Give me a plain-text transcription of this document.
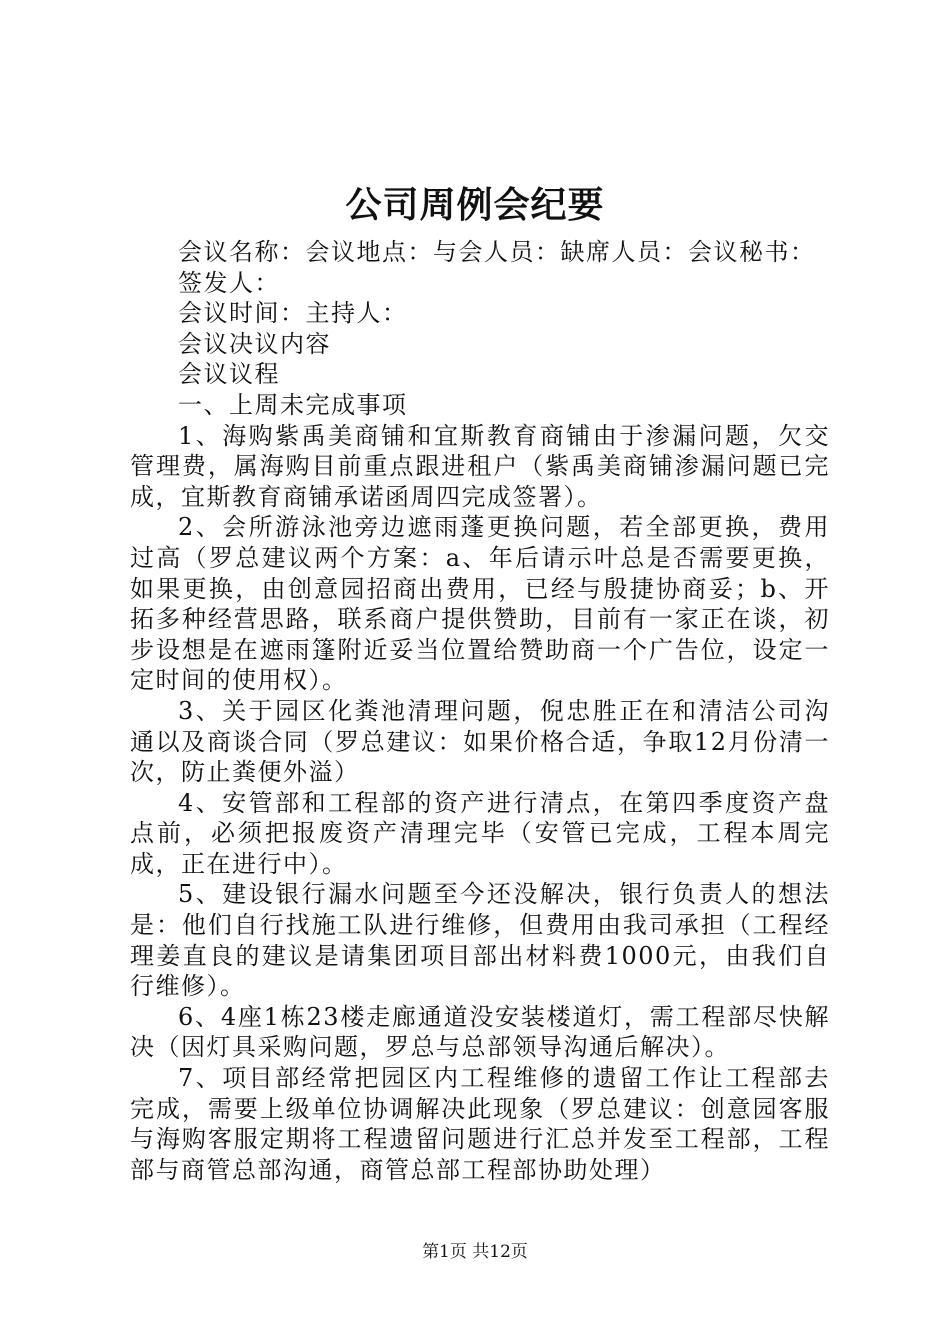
公司周例会纪要

会议名称：会议地点：与会人员：缺席人员：会议秘书：

签发人：

会议时间：主持人：

会议决议内容

会议议程

一、上周未完成事项

1、海购紫禹美商铺和宜斯教育商铺由于渗漏问题，欠交管理费，属海购目前重点跟进租户（紫禹美商铺渗漏问题已完成，宜斯教育商铺承诺函周四完成签署）。

2、会所游泳池旁边遮雨蓬更换问题，若全部更换，费用过高（罗总建议两个方案：a、年后请示叶总是否需要更换，如果更换，由创意园招商出费用，已经与殷捷协商妥；b、开拓多种经营思路，联系商户提供赞助，目前有一家正在谈，初步设想是在遮雨篷附近妥当位置给赞助商一个广告位，设定一定时间的使用权）。

3、关于园区化粪池清理问题，倪忠胜正在和清洁公司沟通以及商谈合同（罗总建议：如果价格合适，争取12月份清一次，防止粪便外溢）

4、安管部和工程部的资产进行清点，在第四季度资产盘点前，必须把报废资产清理完毕（安管已完成，工程本周完成，正在进行中）。

5、建设银行漏水问题至今还没解决，银行负责人的想法是：他们自行找施工队进行维修，但费用由我司承担（工程经理姜直良的建议是请集团项目部出材料费1000元，由我们自行维修）。

6、4座1栋23楼走廊通道没安装楼道灯，需工程部尽快解决（因灯具采购问题，罗总与总部领导沟通后解决）。

7、项目部经常把园区内工程维修的遗留工作让工程部去完成，需要上级单位协调解决此现象（罗总建议：创意园客服与海购客服定期将工程遗留问题进行汇总并发至工程部，工程部与商管总部沟通，商管总部工程部协助处理）

第1页 共12页
